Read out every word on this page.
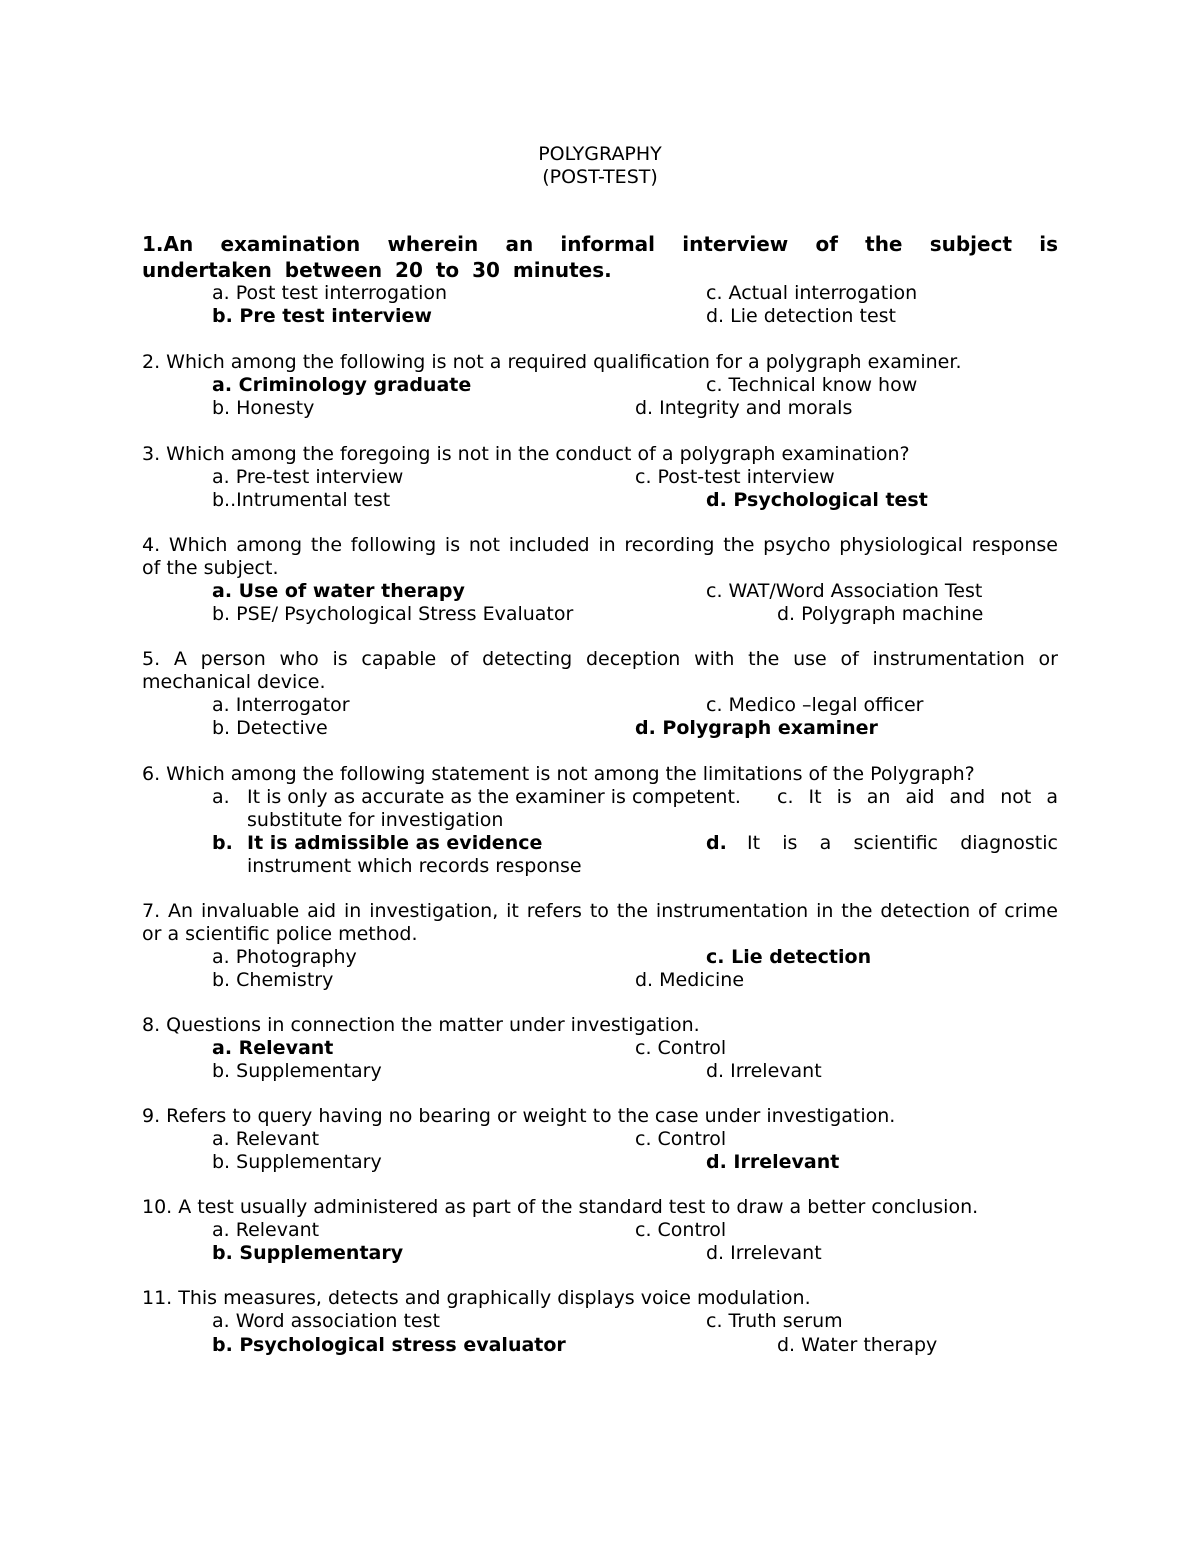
POLYGRAPHY
(POST-TEST)
1.An examination wherein an informal interview of the subject is
undertaken between 20 to 30 minutes.
a. Post test interrogation
b. Pre test interview
c. Actual interrogation
d. Lie detection test
2. Which among the following is not a required qualification for a polygraph examiner.
a. Criminology graduate
b. Honesty
c. Technical know how
d. Integrity and morals
3. Which among the foregoing is not in the conduct of a polygraph examination?
a. Pre-test interview
b..Intrumental test
c. Post-test interview
d. Psychological test
4. Which among the following is not included in recording the psycho physiological response
of the subject.
a. Use of water therapy
b. PSE/ Psychological Stress Evaluator
c. WAT/Word Association Test
d. Polygraph machine
5. A person who is capable of detecting deception with the use of instrumentation or
mechanical device.
a. Interrogator
b. Detective
c. Medico –legal officer
d. Polygraph examiner
6. Which among the following statement is not among the limitations of the Polygraph?
a. It is only as accurate as the examiner is competent. c. It is an aid and not a
substitute for investigation
b. It is admissible as evidence	d. It is a scientific diagnostic
instrument which records response
7. An invaluable aid in investigation, it refers to the instrumentation in the detection of crime
or a scientific police method.
a. Photography
b. Chemistry
c. Lie detection
d. Medicine
8. Questions in connection the matter under investigation.
a. Relevant
b. Supplementary
c. Control
d. Irrelevant
9. Refers to query having no bearing or weight to the case under investigation.
a. Relevant
b. Supplementary
c. Control
d. Irrelevant
10. A test usually administered as part of the standard test to draw a better conclusion.
a. Relevant
b. Supplementary
c. Control
d. Irrelevant
11. This measures, detects and graphically displays voice modulation.
a. Word association test
b. Psychological stress evaluator
c. Truth serum
d. Water therapy
